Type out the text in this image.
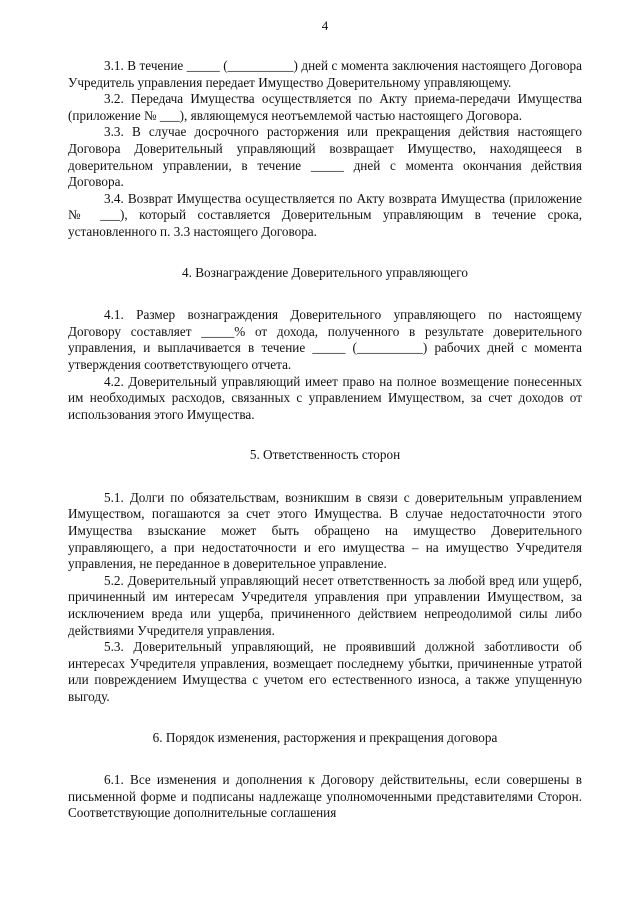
4

3.1. В течение _____ (__________) дней с момента заключения настоящего Договора Учредитель управления передает Имущество Доверительному управляющему.

3.2. Передача Имущества осуществляется по Акту приема-передачи Имущества (приложение № ___), являющемуся неотъемлемой частью настоящего Договора.

3.3. В случае досрочного расторжения или прекращения действия настоящего Договора Доверительный управляющий возвращает Имущество, находящееся в доверительном управлении, в течение _____ дней с момента окончания действия Договора.

3.4. Возврат Имущества осуществляется по Акту возврата Имущества (приложение № ___), который составляется Доверительным управляющим в течение срока, установленного п. 3.3 настоящего Договора.

4. Вознаграждение Доверительного управляющего

4.1. Размер вознаграждения Доверительного управляющего по настоящему Договору составляет _____% от дохода, полученного в результате доверительного управления, и выплачивается в течение _____ (__________) рабочих дней с момента утверждения соответствующего отчета.

4.2. Доверительный управляющий имеет право на полное возмещение понесенных им необходимых расходов, связанных с управлением Имуществом, за счет доходов от использования этого Имущества.

5. Ответственность сторон

5.1. Долги по обязательствам, возникшим в связи с доверительным управлением Имуществом, погашаются за счет этого Имущества. В случае недостаточности этого Имущества взыскание может быть обращено на имущество Доверительного управляющего, а при недостаточности и его имущества – на имущество Учредителя управления, не переданное в доверительное управление.

5.2. Доверительный управляющий несет ответственность за любой вред или ущерб, причиненный им интересам Учредителя управления при управлении Имуществом, за исключением вреда или ущерба, причиненного действием непреодолимой силы либо действиями Учредителя управления.

5.3. Доверительный управляющий, не проявивший должной заботливости об интересах Учредителя управления, возмещает последнему убытки, причиненные утратой или повреждением Имущества с учетом его естественного износа, а также упущенную выгоду.

6. Порядок изменения, расторжения и прекращения договора

6.1. Все изменения и дополнения к Договору действительны, если совершены в письменной форме и подписаны надлежаще уполномоченными представителями Сторон. Соответствующие дополнительные соглашения
